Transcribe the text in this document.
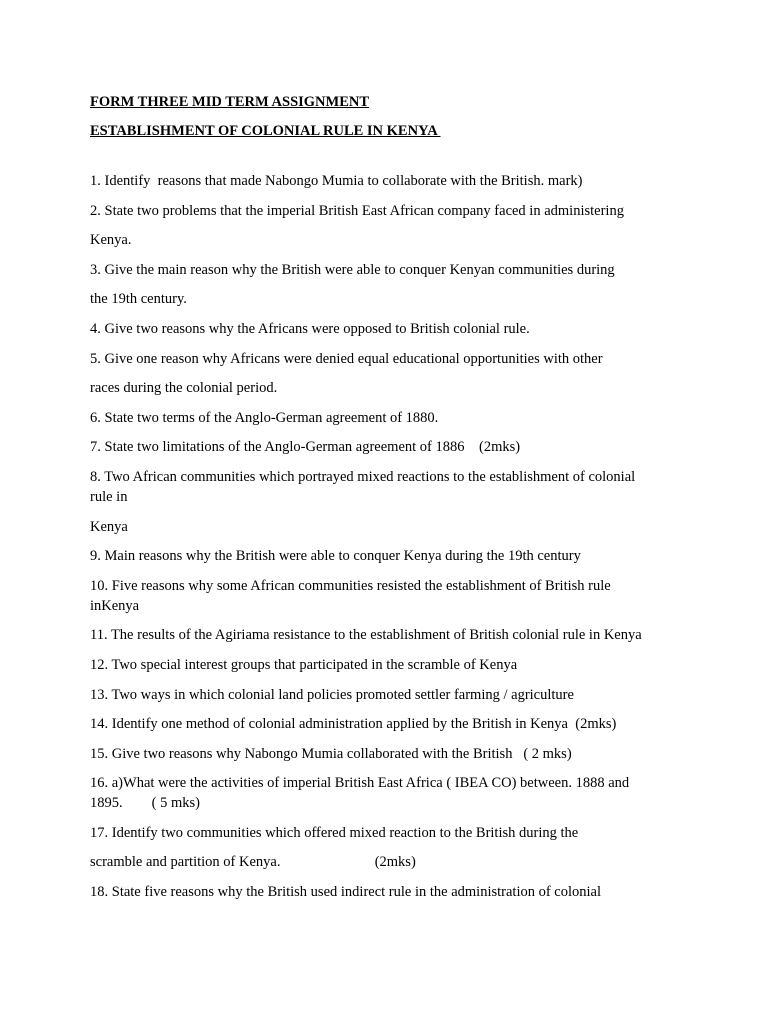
FORM THREE MID TERM ASSIGNMENT

ESTABLISHMENT OF COLONIAL RULE IN KENYA

1. Identify  reasons that made Nabongo Mumia to collaborate with the British. mark)

2. State two problems that the imperial British East African company faced in administering

Kenya.

3. Give the main reason why the British were able to conquer Kenyan communities during

the 19th century.

4. Give two reasons why the Africans were opposed to British colonial rule.

5. Give one reason why Africans were denied equal educational opportunities with other

races during the colonial period.

6. State two terms of the Anglo-German agreement of 1880.

7. State two limitations of the Anglo-German agreement of 1886    (2mks)

8. Two African communities which portrayed mixed reactions to the establishment of colonial

rule in

Kenya

9. Main reasons why the British were able to conquer Kenya during the 19th century

10. Five reasons why some African communities resisted the establishment of British rule

inKenya

11. The results of the Agiriama resistance to the establishment of British colonial rule in Kenya

12. Two special interest groups that participated in the scramble of Kenya

13. Two ways in which colonial land policies promoted settler farming / agriculture

14. Identify one method of colonial administration applied by the British in Kenya  (2mks)

15. Give two reasons why Nabongo Mumia collaborated with the British   ( 2 mks)

16. a)What were the activities of imperial British East Africa ( IBEA CO) between. 1888 and

1895.        ( 5 mks)

17. Identify two communities which offered mixed reaction to the British during the

scramble and partition of Kenya.                          (2mks)

18. State five reasons why the British used indirect rule in the administration of colonial
